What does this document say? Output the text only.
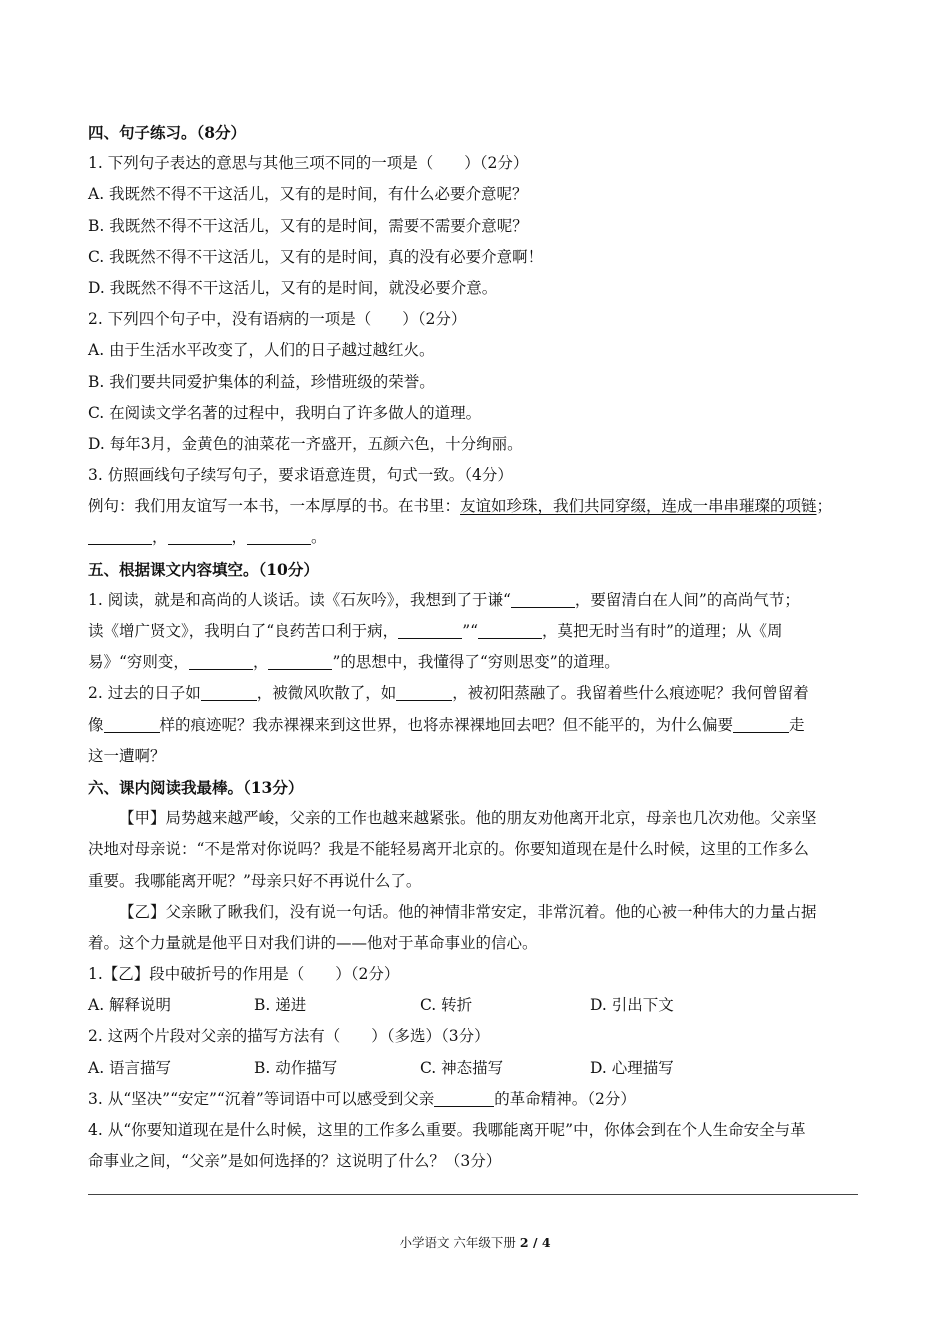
四、句子练习。（8分）
1. 下列句子表达的意思与其他三项不同的一项是（　　）（2分）
A. 我既然不得不干这活儿，又有的是时间，有什么必要介意呢？
B. 我既然不得不干这活儿，又有的是时间，需要不需要介意呢？
C. 我既然不得不干这活儿，又有的是时间，真的没有必要介意啊！
D. 我既然不得不干这活儿，又有的是时间，就没必要介意。
2. 下列四个句子中，没有语病的一项是（　　）（2分）
A. 由于生活水平改变了，人们的日子越过越红火。
B. 我们要共同爱护集体的利益，珍惜班级的荣誉。
C. 在阅读文学名著的过程中，我明白了许多做人的道理。
D. 每年3月，金黄色的油菜花一齐盛开，五颜六色，十分绚丽。
3. 仿照画线句子续写句子，要求语意连贯，句式一致。（4分）
例句：我们用友谊写一本书，一本厚厚的书。在书里：友谊如珍珠，我们共同穿缀，连成一串串璀璨的项链；
，	，	。
五、根据课文内容填空。（10分）
1. 阅读，就是和高尚的人谈话。读《石灰吟》，我想到了于谦“	，要留清白在人间”的高尚气节；
读《增广贤文》，我明白了“良药苦口利于病，	”“	，莫把无时当有时”的道理；从《周
易》“穷则变，	，	”的思想中，我懂得了“穷则思变”的道理。
2. 过去的日子如	，被微风吹散了，如	，被初阳蒸融了。我留着些什么痕迹呢？我何曾留着
像	样的痕迹呢？我赤裸裸来到这世界，也将赤裸裸地回去吧？但不能平的，为什么偏要	走
这一遭啊？
六、课内阅读我最棒。（13分）
【甲】局势越来越严峻，父亲的工作也越来越紧张。他的朋友劝他离开北京，母亲也几次劝他。父亲坚
决地对母亲说：“不是常对你说吗？我是不能轻易离开北京的。你要知道现在是什么时候，这里的工作多么
重要。我哪能离开呢？”母亲只好不再说什么了。
【乙】父亲瞅了瞅我们，没有说一句话。他的神情非常安定，非常沉着。他的心被一种伟大的力量占据
着。这个力量就是他平日对我们讲的——他对于革命事业的信心。
1.【乙】段中破折号的作用是（　　）（2分）
A. 解释说明	B. 递进	C. 转折	D. 引出下文
2. 这两个片段对父亲的描写方法有（　　）（多选）（3分）
A. 语言描写	B. 动作描写	C. 神态描写	D. 心理描写
3. 从“坚决”“安定”“沉着”等词语中可以感受到父亲	的革命精神。（2分）
4. 从“你要知道现在是什么时候，这里的工作多么重要。我哪能离开呢”中，你体会到在个人生命安全与革
命事业之间，“父亲”是如何选择的？这说明了什么？（3分）
小学语文 六年级下册 2 / 4
